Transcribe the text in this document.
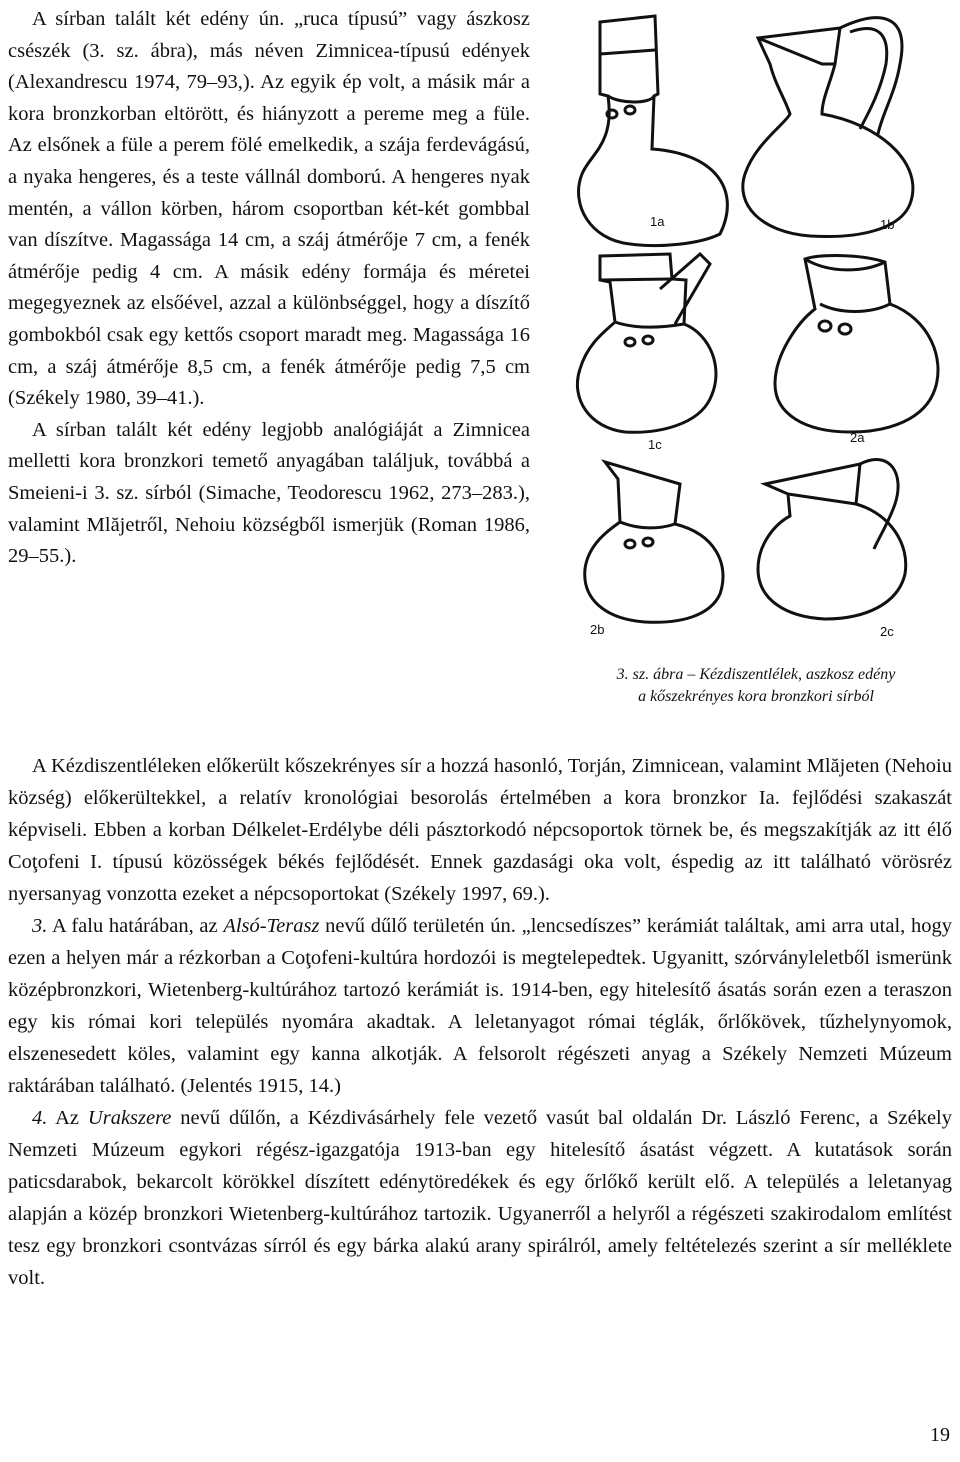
A sírban talált két edény ún. „ruca típusú” vagy ászkosz csészék (3. sz. ábra), más néven Zimnicea-típusú edények (Alexandrescu 1974, 79–93,). Az egyik ép volt, a másik már a kora bronzkorban eltörött, és hiányzott a pereme meg a füle. Az elsőnek a füle a perem fölé emelkedik, a szája ferdevágású, a nyaka hengeres, és a teste vállnál domború. A hengeres nyak mentén, a vállon körben, három csoportban két-két gombbal van díszítve. Magassága 14 cm, a száj átmérője 7 cm, a fenék átmérője pedig 4 cm. A másik edény formája és méretei megegyeznek az elsőével, azzal a különbséggel, hogy a díszítő gombokból csak egy kettős csoport maradt meg. Magassága 16 cm, a száj átmérője 8,5 cm, a fenék átmérője pedig 7,5 cm (Székely 1980, 39–41.).

A sírban talált két edény legjobb analógiáját a Zimnicea melletti kora bronzkori temető anyagában találjuk, továbbá a Smeieni-i 3. sz. sírból (Simache, Teodorescu 1962, 273–283.), valamint Mlăjetről, Nehoiu községből ismerjük (Roman 1986, 29–55.).

1a	1b
1c	2a
2b	2c
3. sz. ábra – Kézdiszentlélek, aszkosz edény
a kőszekrényes kora bronzkori sírból

A Kézdiszentléleken előkerült kőszekrényes sír a hozzá hasonló, Torján, Zimnicean, valamint Mlăjeten (Nehoiu község) előkerültekkel, a relatív kronológiai besorolás értelmében a kora bronzkor Ia. fejlődési szakaszát képviseli. Ebben a korban Délkelet-Erdélybe déli pásztorkodó népcsoportok törnek be, és megszakítják az itt élő Coţofeni I. típusú közösségek békés fejlődését. Ennek gazdasági oka volt, éspedig az itt található vörösréz nyersanyag vonzotta ezeket a népcsoportokat (Székely 1997, 69.).

3. A falu határában, az Alsó-Terasz nevű dűlő területén ún. „lencsedíszes” kerámiát találtak, ami arra utal, hogy ezen a helyen már a rézkorban a Coţofeni-kultúra hordozói is megtelepedtek. Ugyanitt, szórványleletből ismerünk középbronzkori, Wietenberg-kultúrához tartozó kerámiát is. 1914-ben, egy hitelesítő ásatás során ezen a teraszon egy kis római kori település nyomára akadtak. A leletanyagot római téglák, őrlőkövek, tűzhelynyomok, elszenesedett köles, valamint egy kanna alkotják. A felsorolt régészeti anyag a Székely Nemzeti Múzeum raktárában található. (Jelentés 1915, 14.)

4. Az Urakszere nevű dűlőn, a Kézdivásárhely fele vezető vasút bal oldalán Dr. László Ferenc, a Székely Nemzeti Múzeum egykori régész-igazgatója 1913-ban egy hitelesítő ásatást végzett. A kutatások során paticsdarabok, bekarcolt körökkel díszített edénytöredékek és egy őrlőkő került elő. A település a leletanyag alapján a közép bronzkori Wietenberg-kultúrához tartozik. Ugyanerről a helyről a régészeti szakirodalom említést tesz egy bronzkori csontvázas sírról és egy bárka alakú arany spirálról, amely feltételezés szerint a sír melléklete volt.

19
